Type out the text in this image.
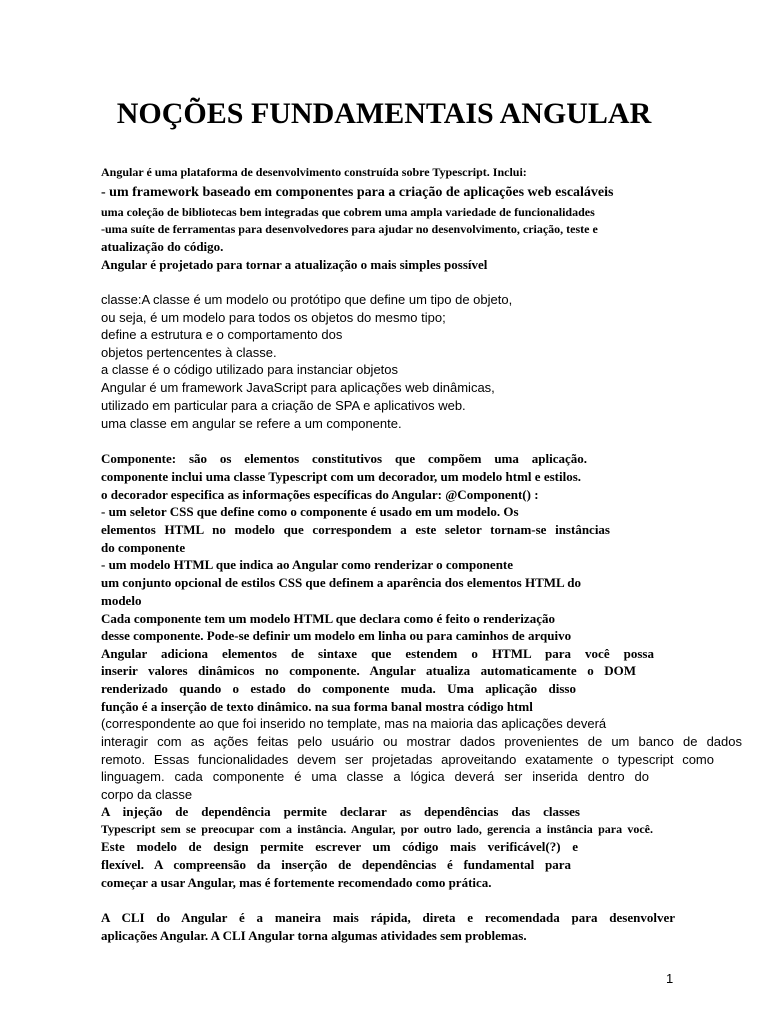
NOÇÕES FUNDAMENTAIS ANGULAR

Angular é uma plataforma de desenvolvimento construída sobre Typescript. Inclui:

- um framework baseado em componentes para a criação de aplicações web escaláveis

uma coleção de bibliotecas bem integradas que cobrem uma ampla variedade de funcionalidades

-uma suíte de ferramentas para desenvolvedores para ajudar no desenvolvimento, criação, teste e

atualização do código.

Angular é projetado para tornar a atualização o mais simples possível

classe:A classe é um modelo ou protótipo que define um tipo de objeto,

ou seja, é um modelo para todos os objetos do mesmo tipo;

define a estrutura e o comportamento dos

objetos pertencentes à classe.

a classe é o código utilizado para instanciar objetos

Angular é um framework JavaScript para aplicações web dinâmicas,

utilizado em particular para a criação de SPA e aplicativos web.

uma classe em angular se refere a um componente.

Componente: são os elementos constitutivos que compõem uma aplicação.

componente inclui uma classe Typescript com um decorador, um modelo html e estilos.

o decorador especifica as informações específicas do Angular: @Component() :

- um seletor CSS que define como o componente é usado em um modelo. Os

elementos HTML no modelo que correspondem a este seletor tornam-se instâncias

do componente

- um modelo HTML que indica ao Angular como renderizar o componente

um conjunto opcional de estilos CSS que definem a aparência dos elementos HTML do

modelo

Cada componente tem um modelo HTML que declara como é feito o renderização

desse componente. Pode-se definir um modelo em linha ou para caminhos de arquivo

Angular adiciona elementos de sintaxe que estendem o HTML para você possa

inserir valores dinâmicos no componente. Angular atualiza automaticamente o DOM

renderizado quando o estado do componente muda. Uma aplicação disso

função é a inserção de texto dinâmico. na sua forma banal mostra código html

(correspondente ao que foi inserido no template, mas na maioria das aplicações deverá

interagir com as ações feitas pelo usuário ou mostrar dados provenientes de um banco de dados

remoto. Essas funcionalidades devem ser projetadas aproveitando exatamente o typescript como

linguagem. cada componente é uma classe a lógica deverá ser inserida dentro do

corpo da classe

A injeção de dependência permite declarar as dependências das classes

Typescript sem se preocupar com a instância. Angular, por outro lado, gerencia a instância para você.

Este modelo de design permite escrever um código mais verificável(?) e

flexível. A compreensão da inserção de dependências é fundamental para

começar a usar Angular, mas é fortemente recomendado como prática.

A CLI do Angular é a maneira mais rápida, direta e recomendada para desenvolver

aplicações Angular. A CLI Angular torna algumas atividades sem problemas.

1
